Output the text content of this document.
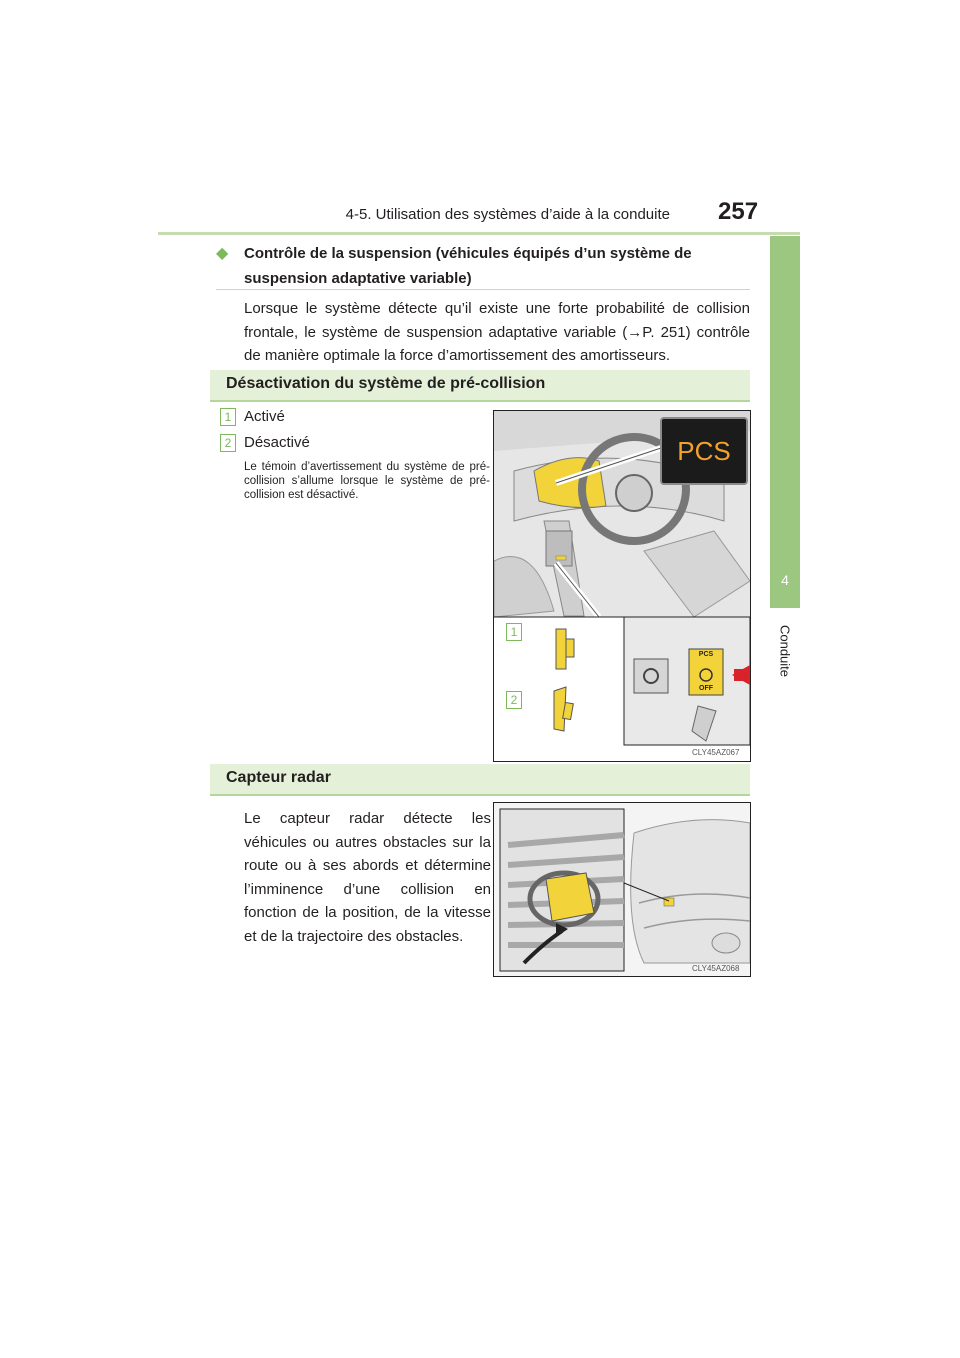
4-5. Utilisation des systèmes d’aide à la conduite 257
4
Conduite
◆ Contrôle de la suspension (véhicules équipés d’un système de suspension adaptative variable)
Lorsque le système détecte qu’il existe une forte probabilité de collision frontale, le système de suspension adaptative variable (→P. 251) contrôle de manière optimale la force d’amortissement des amortisseurs.
Désactivation du système de pré-collision
1 Activé
2 Désactivé
Le témoin d’avertissement du système de pré-collision s’allume lorsque le système de pré-collision est désactivé.
PCS
PCS
OFF
1
2
CLY45AZ067
Capteur radar
Le capteur radar détecte les véhicules ou autres obstacles sur la route ou à ses abords et détermine l’imminence d’une collision en fonction de la position, de la vitesse et de la trajectoire des obstacles.
CLY45AZ068
